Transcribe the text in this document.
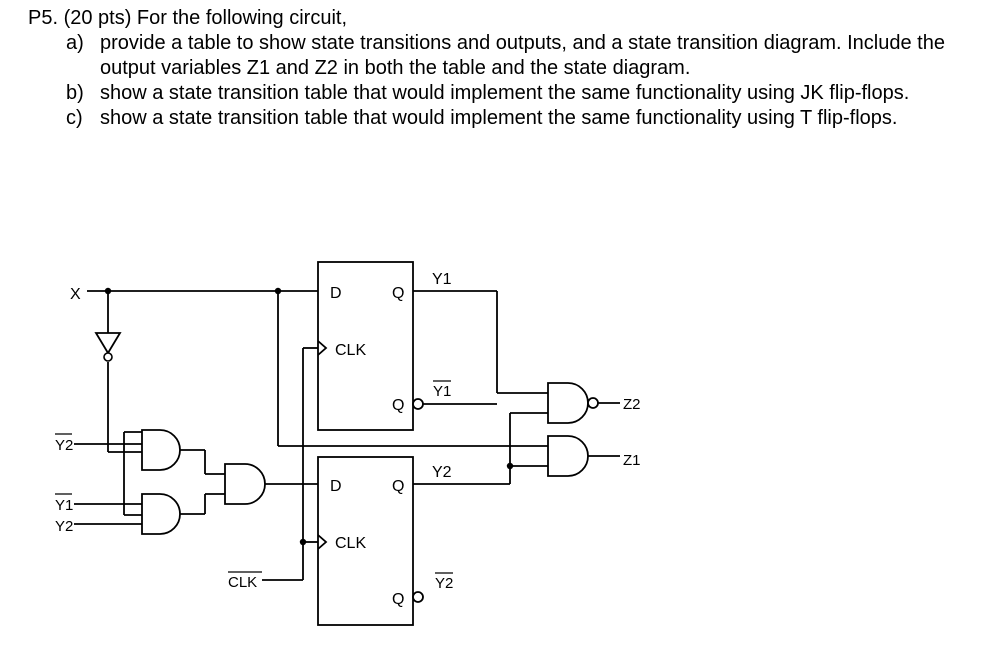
P5. (20 pts) For the following circuit,
a) provide a table to show state transitions and outputs, and a state transition diagram. Include the output variables Z1 and Z2 in both the table and the state diagram.
b) show a state transition table that would implement the same functionality using JK flip-flops.
c) show a state transition table that would implement the same functionality using T flip-flops.
D	Q
CLK
Q
D	Q
CLK
Q
X
Y2
Y1
Y2
CLK
Y1
Y1
Y2
Y2
Z2
Z1
